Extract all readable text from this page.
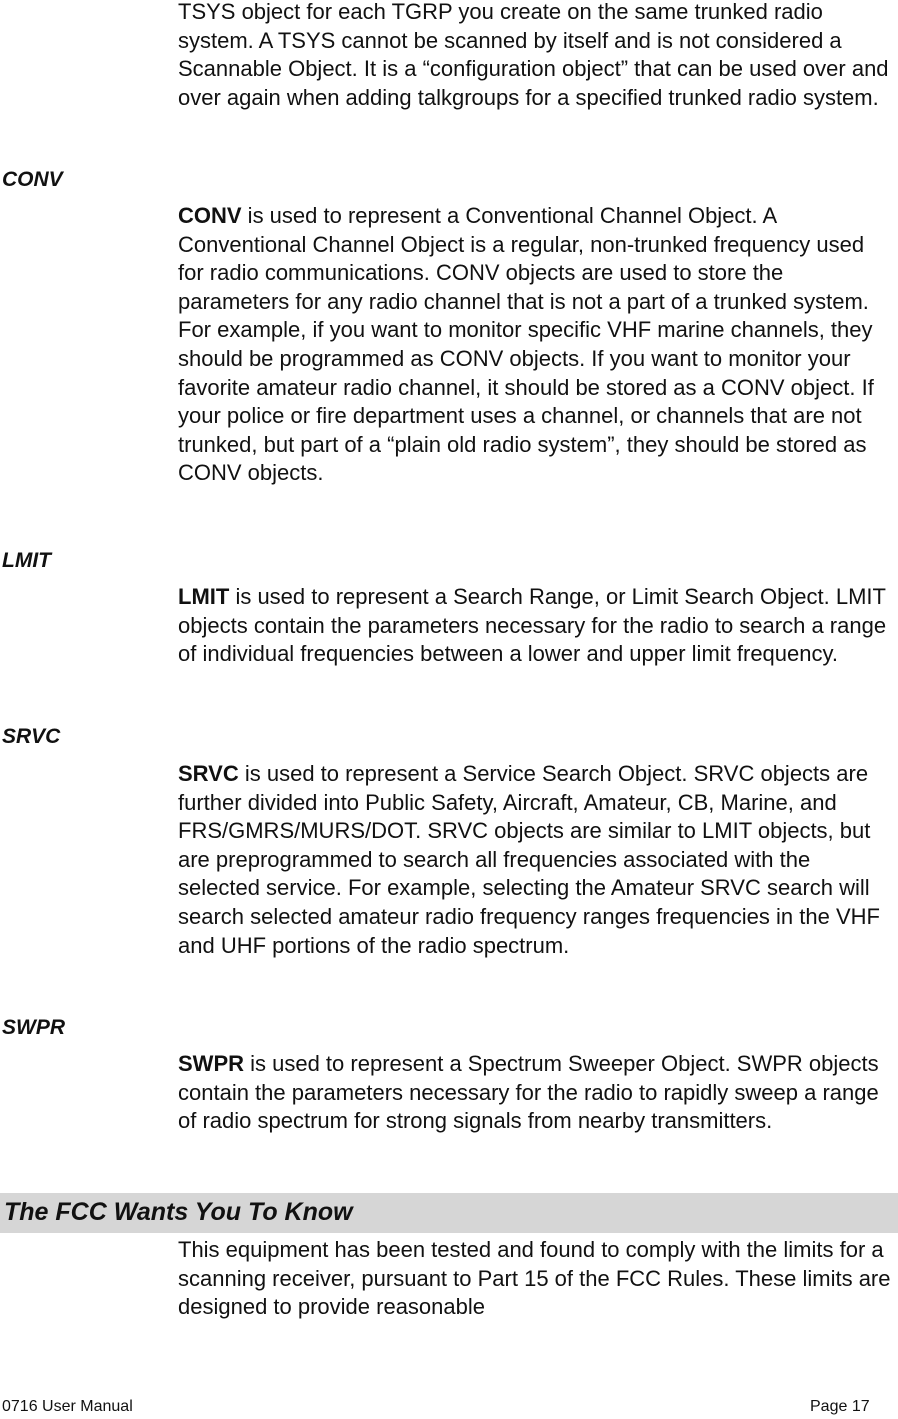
TSYS object for each TGRP you create on the same trunked radio system. A TSYS cannot be scanned by itself and is not considered a Scannable Object. It is a “configuration object” that can be used over and over again when adding talkgroups for a specified trunked radio system.

CONV

CONV is used to represent a Conventional Channel Object. A Conventional Channel Object is a regular, non-trunked frequency used for radio communications. CONV objects are used to store the parameters for any radio channel that is not a part of a trunked system. For example, if you want to monitor specific VHF marine channels, they should be programmed as CONV objects. If you want to monitor your favorite amateur radio channel, it should be stored as a CONV object. If your police or fire department uses a channel, or channels that are not trunked, but part of a “plain old radio system”, they should be stored as CONV objects.

LMIT

LMIT is used to represent a Search Range, or Limit Search Object. LMIT objects contain the parameters necessary for the radio to search a range of individual frequencies between a lower and upper limit frequency.

SRVC

SRVC is used to represent a Service Search Object. SRVC objects are further divided into Public Safety, Aircraft, Amateur, CB, Marine, and FRS/GMRS/MURS/DOT. SRVC objects are similar to LMIT objects, but are preprogrammed to search all frequencies associated with the selected service. For example, selecting the Amateur SRVC search will search selected amateur radio frequency ranges frequencies in the VHF and UHF portions of the radio spectrum.

SWPR

SWPR is used to represent a Spectrum Sweeper Object. SWPR objects contain the parameters necessary for the radio to rapidly sweep a range of radio spectrum for strong signals from nearby transmitters.

The FCC Wants You To Know

This equipment has been tested and found to comply with the limits for a scanning receiver, pursuant to Part 15 of the FCC Rules. These limits are designed to provide reasonable

0716 User Manual	Page 17
